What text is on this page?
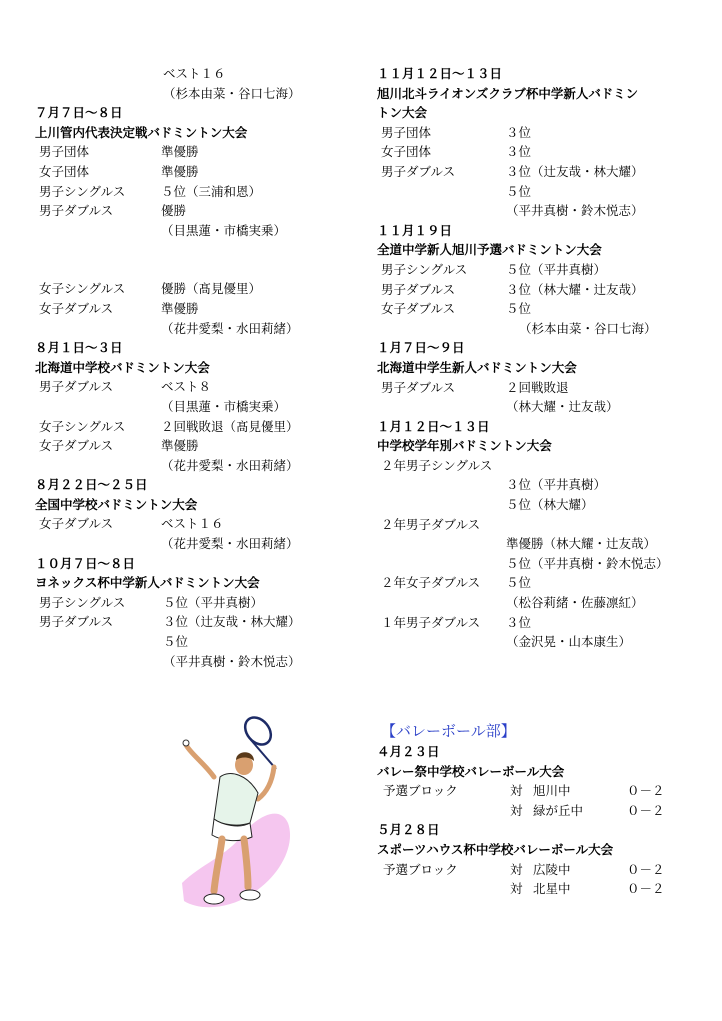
ベスト１６
（杉本由菜・谷口七海）
７月７日〜８日
上川管内代表決定戦バドミントン大会
男子団体	準優勝
女子団体	準優勝
男子シングルス	５位（三浦和恩）
男子ダブルス	優勝
（目黒蓮・市橋実乗）
女子シングルス	優勝（髙見優里）
女子ダブルス	準優勝
（花井愛梨・水田莉緒）
８月１日〜３日
北海道中学校バドミントン大会
男子ダブルス	ベスト８
（目黒蓮・市橋実乗）
女子シングルス	２回戦敗退（髙見優里）
女子ダブルス	準優勝
（花井愛梨・水田莉緒）
８月２２日〜２５日
全国中学校バドミントン大会
女子ダブルス	ベスト１６
（花井愛梨・水田莉緒）
１０月７日〜８日
ヨネックス杯中学新人バドミントン大会
男子シングルス	５位（平井真樹）
男子ダブルス	３位（辻友哉・林大耀）
５位
（平井真樹・鈴木悦志）
１１月１２日〜１３日
旭川北斗ライオンズクラブ杯中学新人バドミン
トン大会
男子団体	３位
女子団体	３位
男子ダブルス	３位（辻友哉・林大耀）
５位
（平井真樹・鈴木悦志）
１１月１９日
全道中学新人旭川予選バドミントン大会
男子シングルス	５位（平井真樹）
男子ダブルス	３位（林大耀・辻友哉）
女子ダブルス	５位
（杉本由菜・谷口七海）
１月７日〜９日
北海道中学生新人バドミントン大会
男子ダブルス	２回戦敗退
（林大耀・辻友哉）
１月１２日〜１３日
中学校学年別バドミントン大会
２年男子シングルス
３位（平井真樹）
５位（林大耀）
２年男子ダブルス
準優勝（林大耀・辻友哉）
５位（平井真樹・鈴木悦志）
２年女子ダブルス ５位
（松谷莉緒・佐藤凛紅）
１年男子ダブルス ３位
（金沢晃・山本康生）
【バレーボール部】
４月２３日
バレー祭中学校バレーボール大会
予選ブロック	対 旭川中	０－２
対 緑が丘中	０－２
５月２８日
スポーツハウス杯中学校バレーボール大会
予選ブロック	対 広陵中	０－２
対 北星中	０－２
